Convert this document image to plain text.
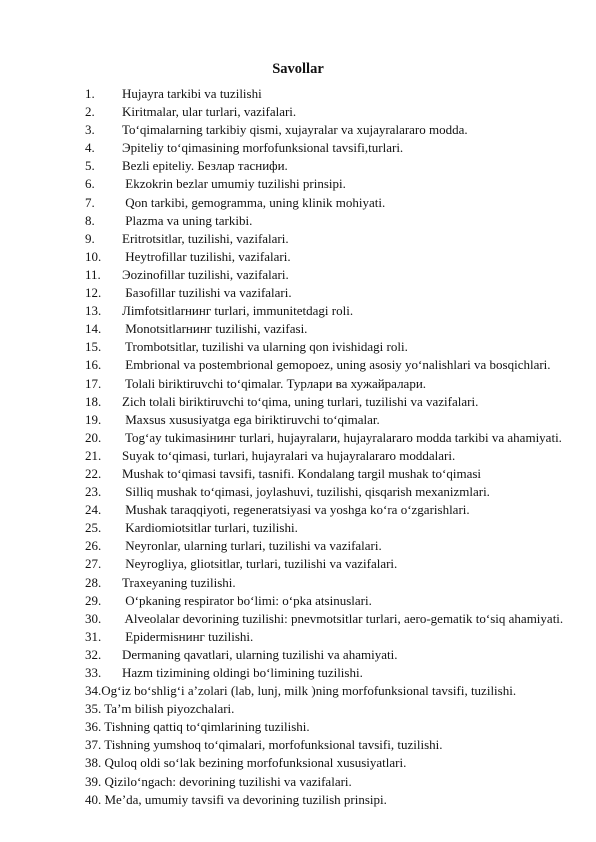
Savollar
1. Hujayra tarkibi va tuzilishi
2. Kiritmalar, ular turlari, vazifalari.
3. To‘qimalarning tarkibiy qismi, xujayralar va xujayralararo modda.
4. Эpiteliy to‘qimasining morfofunksional tavsifi,turlari.
5. Bezli epiteliy. Безлар таснифи.
6. Ekzokrin bezlar umumiy tuzilishi prinsipi.
7. Qon tarkibi, gemogramma, uning klinik mohiyati.
8. Plazma va uning tarkibi.
9. Eritrotsitlar, tuzilishi, vazifalari.
10. Heytrofillar tuzilishi, vazifalari.
11. Эozinofillar tuzilishi, vazifalari.
12. Базofillar tuzilishi va vazifalari.
13. Лimfotsitlarнинг turlari, immunitetdagi roli.
14. Monotsitlarнинг tuzilishi, vazifasi.
15. Trombotsitlar, tuzilishi va ularning qon ivishidagi roli.
16. Embrional va postembrional gemopoez, uning asosiy yo‘nalishlari va bosqichlari.
17. Tolali biriktiruvchi to‘qimalar. Турлари ва хужайралари.
18. Zich tolali biriktiruvchi to‘qima, uning turlari, tuzilishi va vazifalari.
19. Maxsus xususiyatga ega biriktiruvchi to‘qimalar.
20. Tog‘ay tukimasiнинг turlari, hujayralarи, hujayralararo modda tarkibi va ahamiyati.
21. Suyak to‘qimasi, turlari, hujayralari va hujayralararo moddalari.
22. Mushak to‘qimasi tavsifi, tasnifi. Kondalang targil mushak to‘qimasi
23. Silliq mushak to‘qimasi, joylashuvi, tuzilishi, qisqarish mexanizmlari.
24. Mushak taraqqiyoti, regeneratsiyasi va yoshga ko‘ra o‘zgarishlari.
25. Kardiomiotsitlar turlari, tuzilishi.
26. Neyronlar, ularning turlari, tuzilishi va vazifalari.
27. Neyrogliya, gliotsitlar, turlari, tuzilishi va vazifalari.
28. Traxeyaning tuzilishi.
29. O‘pkaning respirator bo‘limi: o‘pka atsinuslari.
30. Alveolalar devorining tuzilishi: pnevmotsitlar turlari, aero-gematik to‘siq ahamiyati.
31. Epidermisнинг tuzilishi.
32. Dermaning qavatlari, ularning tuzilishi va ahamiyati.
33. Hazm tizimining oldingi bo‘limining tuzilishi.
34.Og‘iz bo‘shlig‘i a’zolari (lab, lunj, milk )ning morfofunksional tavsifi, tuzilishi.
35. Ta’m bilish piyozchalari.
36. Tishning qattiq to‘qimlarining tuzilishi.
37. Tishning yumshoq to‘qimalari, morfofunksional tavsifi, tuzilishi.
38. Quloq oldi so‘lak bezining morfofunksional xususiyatlari.
39. Qizilo‘ngach: devorining tuzilishi va vazifalari.
40. Me’da, umumiy tavsifi va devorining tuzilish prinsipi.
